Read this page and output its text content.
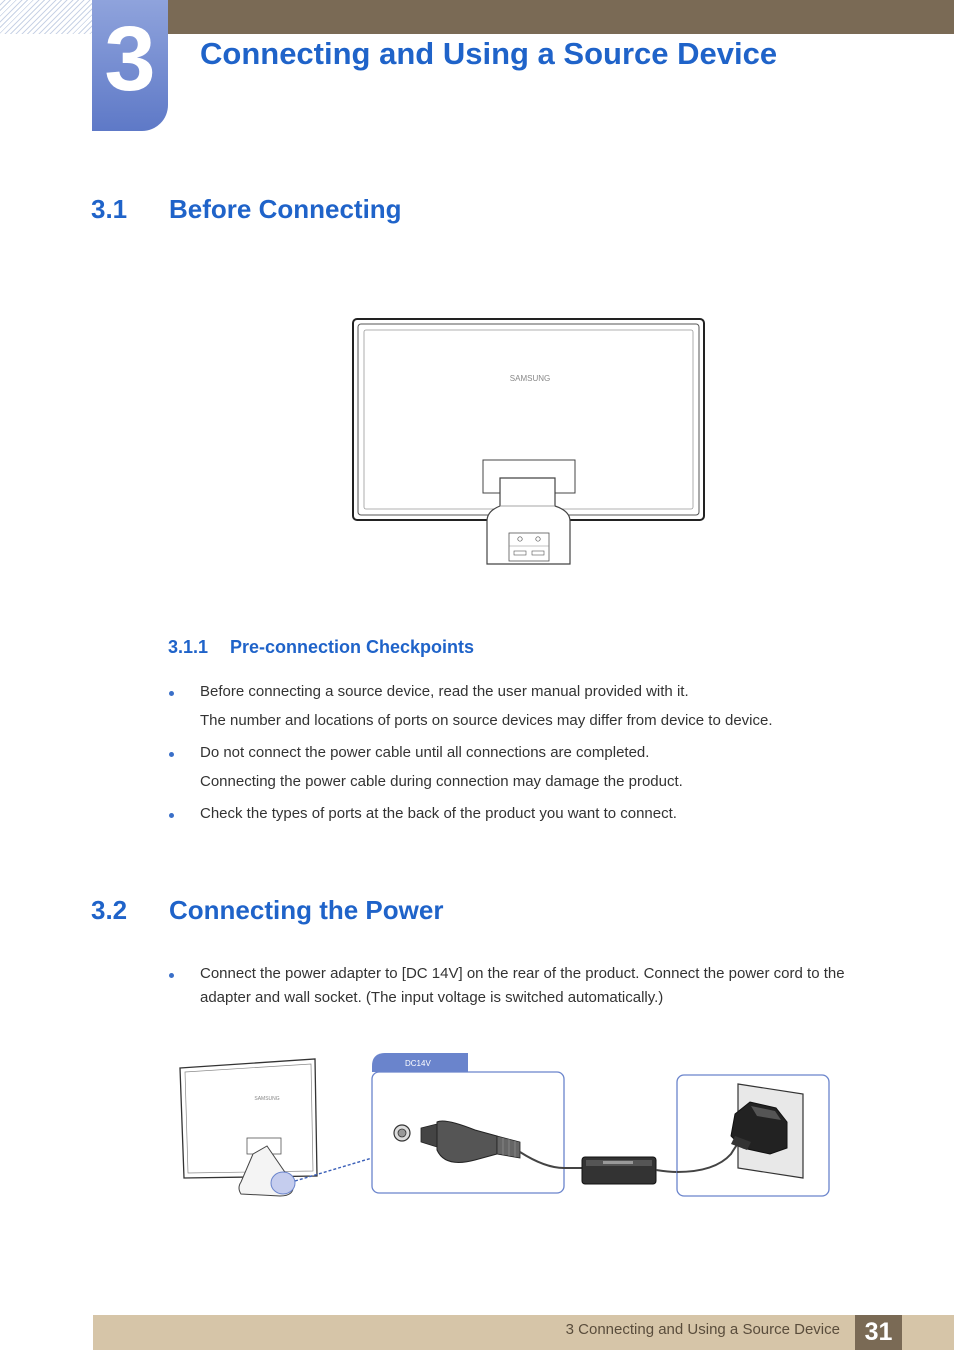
3	Connecting and Using a Source Device
3.1 Before Connecting
SAMSUNG
3.1.1 Pre-connection Checkpoints

Before connecting a source device, read the user manual provided with it.

The number and locations of ports on source devices may differ from device to device.

Do not connect the power cable until all connections are completed.

Connecting the power cable during connection may damage the product.

Check the types of ports at the back of the product you want to connect.

3.2 Connecting the Power

Connect the power adapter to [DC 14V] on the rear of the product. Connect the power cord to the

adapter and wall socket. (The input voltage is switched automatically.)

SAMSUNG
DC14V
3 Connecting and Using a Source Device 31
